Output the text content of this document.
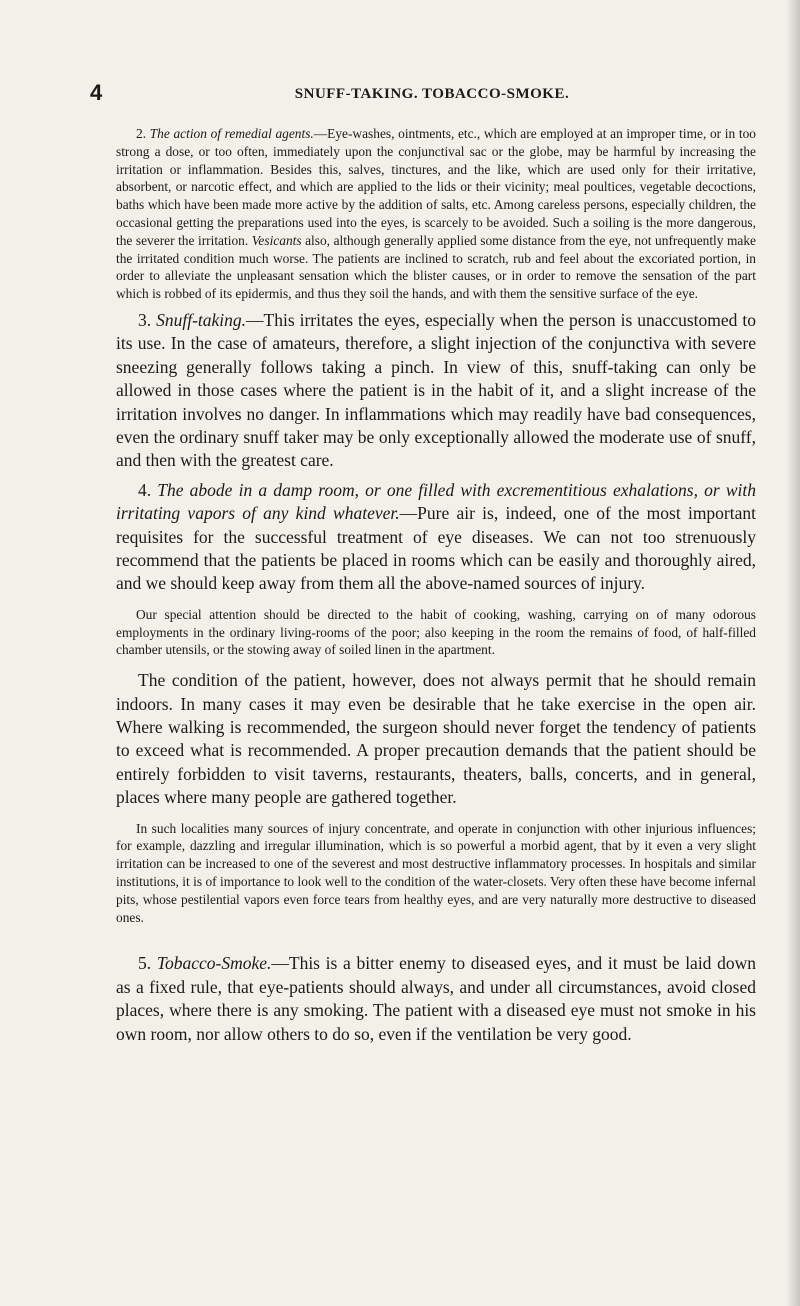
4	SNUFF-TAKING. TOBACCO-SMOKE.

2. The action of remedial agents.—Eye-washes, ointments, etc., which are employed at an improper time, or in too strong a dose, or too often, immediately upon the conjunctival sac or the globe, may be harmful by increasing the irritation or inflammation. Besides this, salves, tinctures, and the like, which are used only for their irritative, absorbent, or narcotic effect, and which are applied to the lids or their vicinity; meal poultices, vegetable decoctions, baths which have been made more active by the addition of salts, etc. Among careless persons, especially children, the occasional getting the preparations used into the eyes, is scarcely to be avoided. Such a soiling is the more dangerous, the severer the irritation. Vesicants also, although generally applied some distance from the eye, not unfrequently make the irritated condition much worse. The patients are inclined to scratch, rub and feel about the excoriated portion, in order to alleviate the unpleasant sensation which the blister causes, or in order to remove the sensation of the part which is robbed of its epidermis, and thus they soil the hands, and with them the sensitive surface of the eye.

3. Snuff-taking.—This irritates the eyes, especially when the person is unaccustomed to its use. In the case of amateurs, therefore, a slight injection of the conjunctiva with severe sneezing generally follows taking a pinch. In view of this, snuff-taking can only be allowed in those cases where the patient is in the habit of it, and a slight increase of the irritation involves no danger. In inflammations which may readily have bad consequences, even the ordinary snuff taker may be only exceptionally allowed the moderate use of snuff, and then with the greatest care.

4. The abode in a damp room, or one filled with excrementitious exhalations, or with irritating vapors of any kind whatever.—Pure air is, indeed, one of the most important requisites for the successful treatment of eye diseases. We can not too strenuously recommend that the patients be placed in rooms which can be easily and thoroughly aired, and we should keep away from them all the above-named sources of injury.

Our special attention should be directed to the habit of cooking, washing, carrying on of many odorous employments in the ordinary living-rooms of the poor; also keeping in the room the remains of food, of half-filled chamber utensils, or the stowing away of soiled linen in the apartment.

The condition of the patient, however, does not always permit that he should remain indoors. In many cases it may even be desirable that he take exercise in the open air. Where walking is recommended, the surgeon should never forget the tendency of patients to exceed what is recommended. A proper precaution demands that the patient should be entirely forbidden to visit taverns, restaurants, theaters, balls, concerts, and in general, places where many people are gathered together.

In such localities many sources of injury concentrate, and operate in conjunction with other injurious influences; for example, dazzling and irregular illumination, which is so powerful a morbid agent, that by it even a very slight irritation can be increased to one of the severest and most destructive inflammatory processes. In hospitals and similar institutions, it is of importance to look well to the condition of the water-closets. Very often these have become infernal pits, whose pestilential vapors even force tears from healthy eyes, and are very naturally more destructive to diseased ones.

5. Tobacco-Smoke.—This is a bitter enemy to diseased eyes, and it must be laid down as a fixed rule, that eye-patients should always, and under all circumstances, avoid closed places, where there is any smoking. The patient with a diseased eye must not smoke in his own room, nor allow others to do so, even if the ventilation be very good.
